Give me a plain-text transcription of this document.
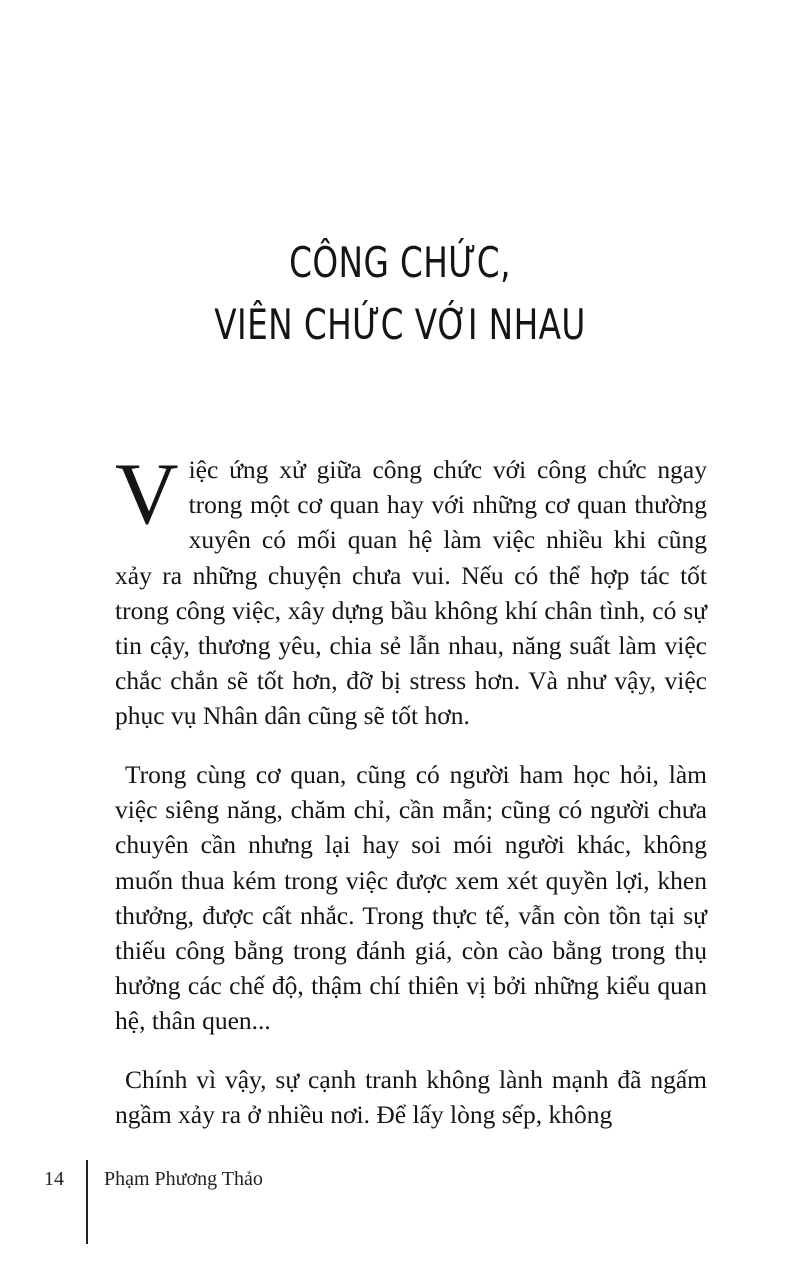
CÔNG CHỨC,
VIÊN CHỨC VỚI NHAU

Việc ứng xử giữa công chức với công chức ngay trong một cơ quan hay với những cơ quan thường xuyên có mối quan hệ làm việc nhiều khi cũng xảy ra những chuyện chưa vui. Nếu có thể hợp tác tốt trong công việc, xây dựng bầu không khí chân tình, có sự tin cậy, thương yêu, chia sẻ lẫn nhau, năng suất làm việc chắc chắn sẽ tốt hơn, đỡ bị stress hơn. Và như vậy, việc phục vụ Nhân dân cũng sẽ tốt hơn.

Trong cùng cơ quan, cũng có người ham học hỏi, làm việc siêng năng, chăm chỉ, cần mẫn; cũng có người chưa chuyên cần nhưng lại hay soi mói người khác, không muốn thua kém trong việc được xem xét quyền lợi, khen thưởng, được cất nhắc. Trong thực tế, vẫn còn tồn tại sự thiếu công bằng trong đánh giá, còn cào bằng trong thụ hưởng các chế độ, thậm chí thiên vị bởi những kiểu quan hệ, thân quen...

Chính vì vậy, sự cạnh tranh không lành mạnh đã ngấm ngầm xảy ra ở nhiều nơi. Để lấy lòng sếp, không

14 Phạm Phương Thảo
